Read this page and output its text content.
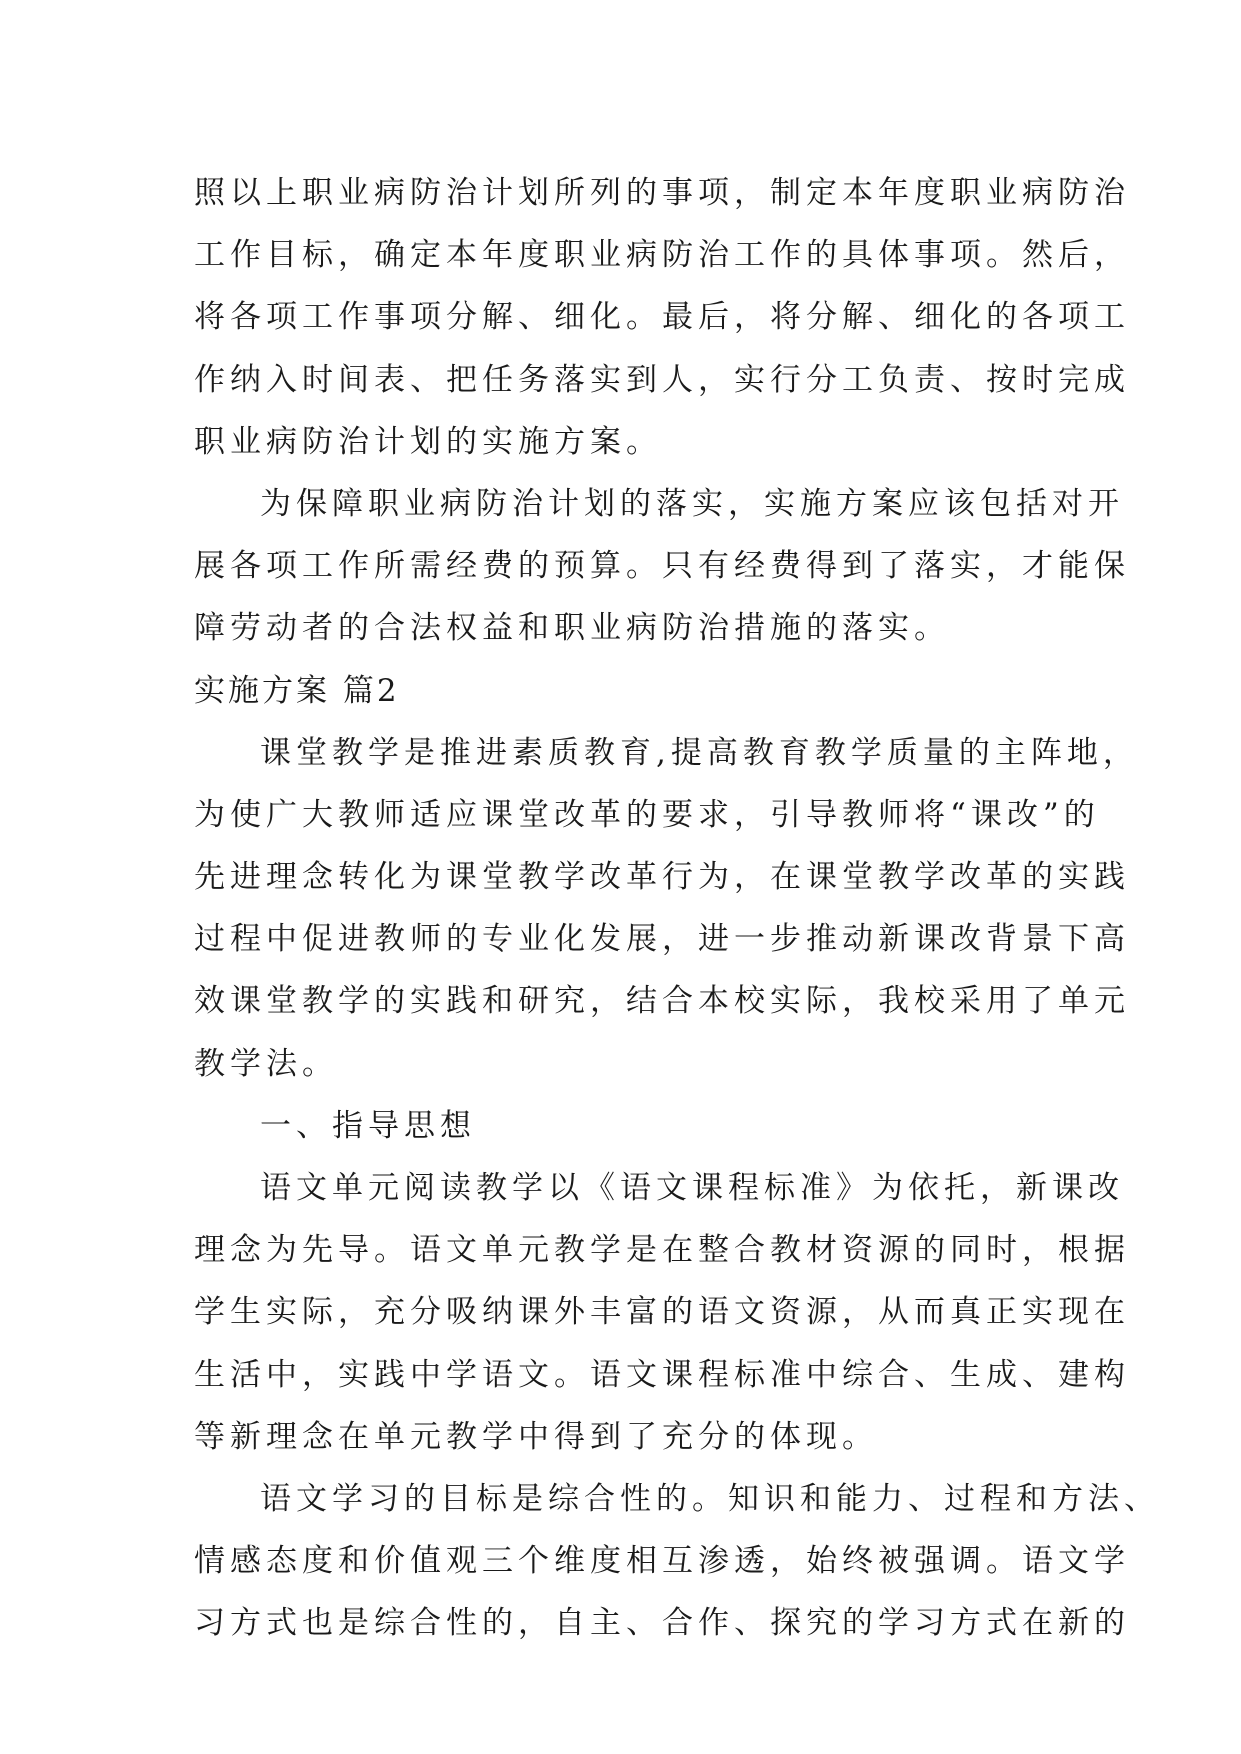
照以上职业病防治计划所列的事项，制定本年度职业病防治
工作目标，确定本年度职业病防治工作的具体事项。然后，
将各项工作事项分解、细化。最后，将分解、细化的各项工
作纳入时间表、把任务落实到人，实行分工负责、按时完成
职业病防治计划的实施方案。
为保障职业病防治计划的落实，实施方案应该包括对开
展各项工作所需经费的预算。只有经费得到了落实，才能保
障劳动者的合法权益和职业病防治措施的落实。
实施方案 篇2
课堂教学是推进素质教育,提高教育教学质量的主阵地，
为使广大教师适应课堂改革的要求，引导教师将“课改”的
先进理念转化为课堂教学改革行为，在课堂教学改革的实践
过程中促进教师的专业化发展，进一步推动新课改背景下高
效课堂教学的实践和研究，结合本校实际，我校采用了单元
教学法。
一、指导思想
语文单元阅读教学以《语文课程标准》为依托，新课改
理念为先导。语文单元教学是在整合教材资源的同时，根据
学生实际，充分吸纳课外丰富的语文资源，从而真正实现在
生活中，实践中学语文。语文课程标准中综合、生成、建构
等新理念在单元教学中得到了充分的体现。
语文学习的目标是综合性的。知识和能力、过程和方法、
情感态度和价值观三个维度相互渗透，始终被强调。语文学
习方式也是综合性的，自主、合作、探究的学习方式在新的
